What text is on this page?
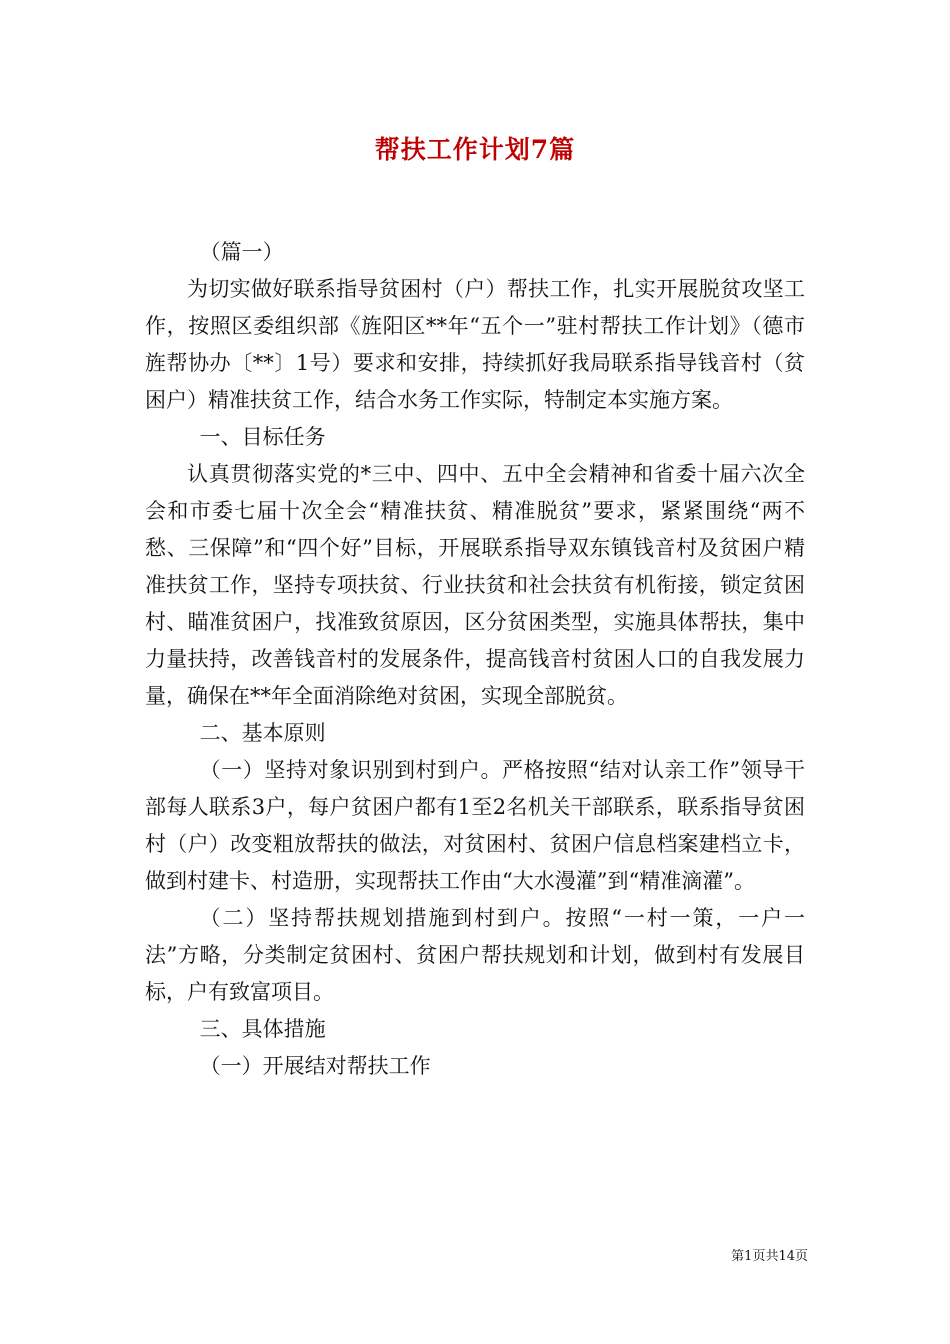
帮扶工作计划7篇

（篇一）

为切实做好联系指导贫困村（户）帮扶工作，扎实开展脱贫攻坚工作，按照区委组织部《旌阳区**年“五个一”驻村帮扶工作计划》（德市旌帮协办〔**〕1号）要求和安排，持续抓好我局联系指导钱音村（贫困户）精准扶贫工作，结合水务工作实际，特制定本实施方案。

一、目标任务

认真贯彻落实党的*三中、四中、五中全会精神和省委十届六次全会和市委七届十次全会“精准扶贫、精准脱贫”要求，紧紧围绕“两不愁、三保障”和“四个好”目标，开展联系指导双东镇钱音村及贫困户精准扶贫工作，坚持专项扶贫、行业扶贫和社会扶贫有机衔接，锁定贫困村、瞄准贫困户，找准致贫原因，区分贫困类型，实施具体帮扶，集中力量扶持，改善钱音村的发展条件，提高钱音村贫困人口的自我发展力量，确保在**年全面消除绝对贫困，实现全部脱贫。

二、基本原则

（一）坚持对象识别到村到户。严格按照“结对认亲工作”领导干部每人联系3户，每户贫困户都有1至2名机关干部联系，联系指导贫困村（户）改变粗放帮扶的做法，对贫困村、贫困户信息档案建档立卡，做到村建卡、村造册，实现帮扶工作由“大水漫灌”到“精准滴灌”。

（二）坚持帮扶规划措施到村到户。按照“一村一策，一户一法”方略，分类制定贫困村、贫困户帮扶规划和计划，做到村有发展目标，户有致富项目。

三、具体措施

（一）开展结对帮扶工作

第1页共14页
